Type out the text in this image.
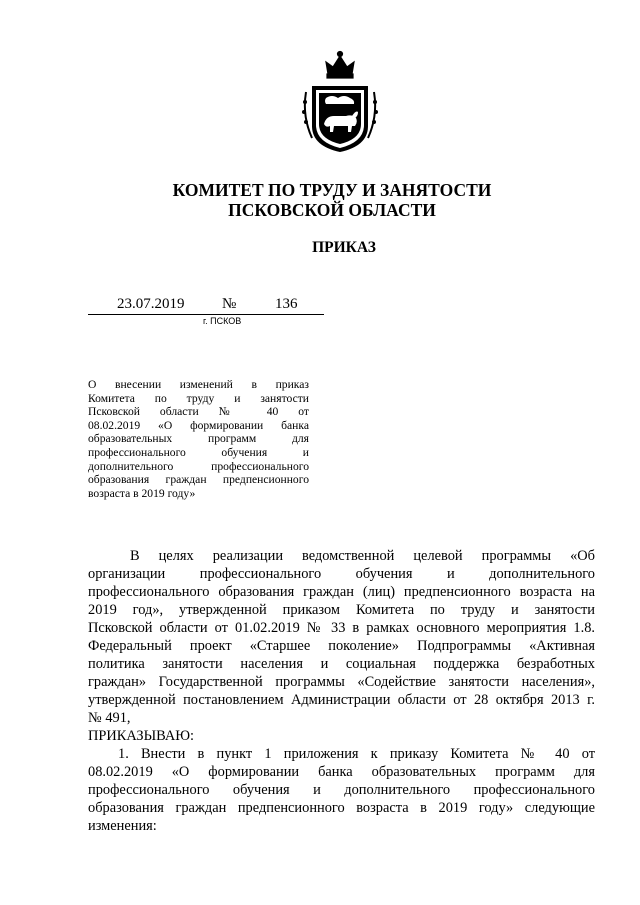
КОМИТЕТ ПО ТРУДУ И ЗАНЯТОСТИ
ПСКОВСКОЙ ОБЛАСТИ
ПРИКАЗ
23.07.2019	№	136
г. ПСКОВ
О внесении изменений в приказ
Комитета по труду и занятости
Псковской области № 40 от
08.02.2019 «О формировании банка
образовательных программ для
профессионального обучения и
дополнительного профессионального
образования граждан предпенсионного
возраста в 2019 году»
В целях реализации ведомственной целевой программы «Об
организации профессионального обучения и дополнительного
профессионального образования граждан (лиц) предпенсионного возраста на
2019 год», утвержденной приказом Комитета по труду и занятости
Псковской области от 01.02.2019 № 33 в рамках основного мероприятия 1.8.
Федеральный проект «Старшее поколение» Подпрограммы «Активная
политика занятости населения и социальная поддержка безработных
граждан» Государственной программы «Содействие занятости населения»,
утвержденной постановлением Администрации области от 28 октября 2013 г.
№ 491,
ПРИКАЗЫВАЮ:
1. Внести в пункт 1 приложения к приказу Комитета № 40 от
08.02.2019 «О формировании банка образовательных программ для
профессионального обучения и дополнительного профессионального
образования граждан предпенсионного возраста в 2019 году» следующие
изменения:
